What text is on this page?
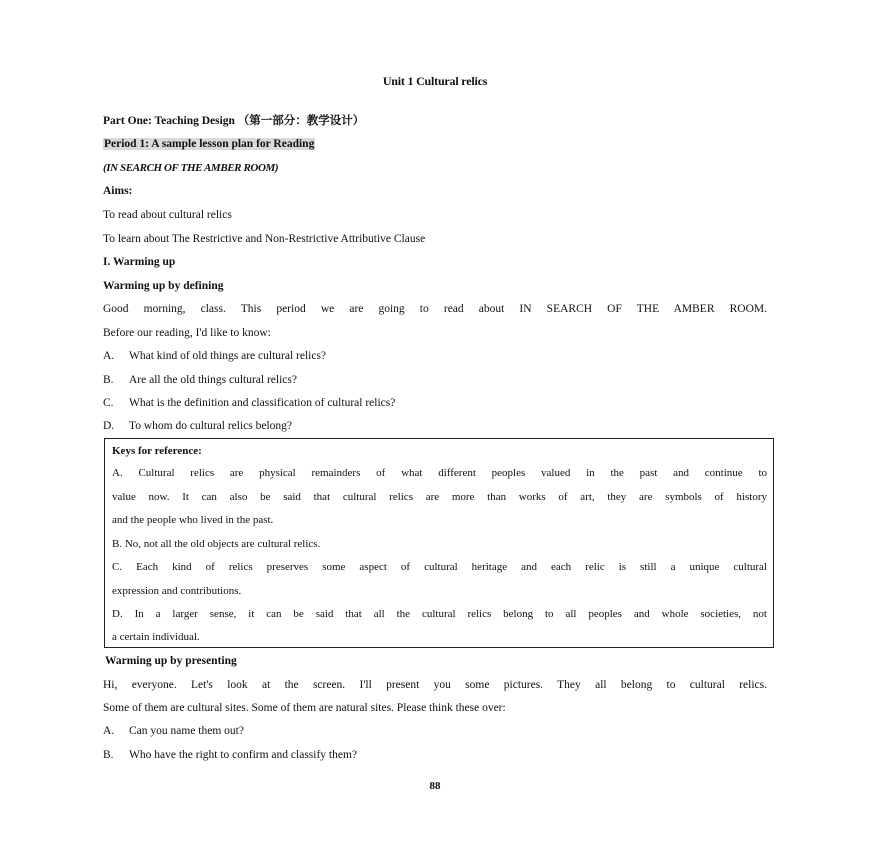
Unit 1 Cultural relics
Part One: Teaching Design （第一部分：教学设计）
Period 1: A sample lesson plan for Reading
(IN SEARCH OF THE AMBER ROOM)
Aims:
To read about cultural relics
To learn about The Restrictive and Non-Restrictive Attributive Clause
I. Warming up
Warming up by defining
Good morning, class. This period we are going to read about IN SEARCH OF THE AMBER ROOM.
Before our reading, I'd like to know:
A. What kind of old things are cultural relics?
B. Are all the old things cultural relics?
C. What is the definition and classification of cultural relics?
D. To whom do cultural relics belong?
Keys for reference:
A. Cultural relics are physical remainders of what different peoples valued in the past and continue to
value now. It can also be said that cultural relics are more than works of art, they are symbols of history
and the people who lived in the past.
B. No, not all the old objects are cultural relics.
C. Each kind of relics preserves some aspect of cultural heritage and each relic is still a unique cultural
expression and contributions.
D. In a larger sense, it can be said that all the cultural relics belong to all peoples and whole societies, not
a certain individual.
Warming up by presenting
Hi, everyone. Let's look at the screen. I'll present you some pictures. They all belong to cultural relics.
Some of them are cultural sites. Some of them are natural sites. Please think these over:
A. Can you name them out?
B. Who have the right to confirm and classify them?
88
